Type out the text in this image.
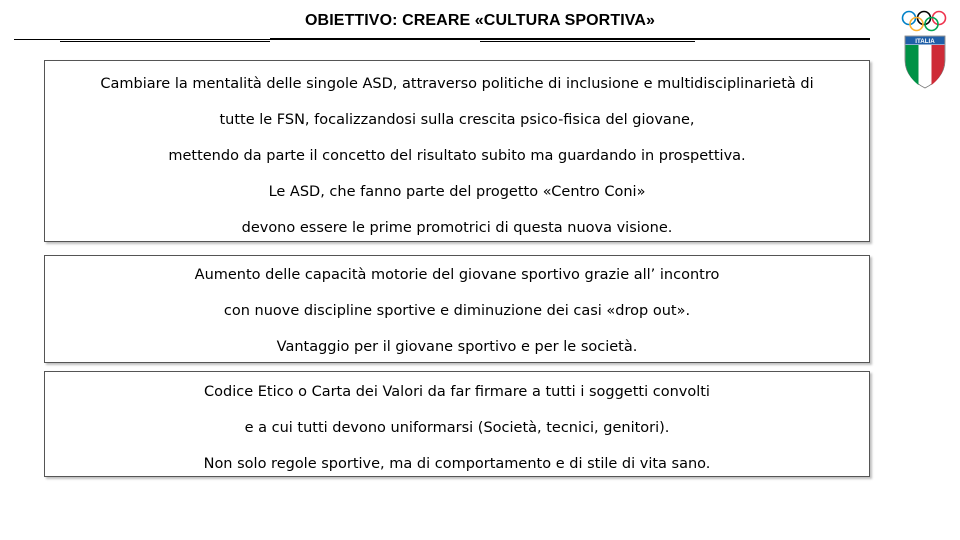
OBIETTIVO: CREARE «CULTURA SPORTIVA»

Cambiare la mentalità delle singole ASD, attraverso politiche di inclusione e multidisciplinarietà di

tutte le FSN, focalizzandosi sulla crescita psico-fisica del giovane,

mettendo da parte il concetto del risultato subito ma guardando in prospettiva.

Le ASD, che fanno parte del progetto «Centro Coni»

devono essere le prime promotrici di questa nuova visione.

Aumento delle capacità motorie del giovane sportivo grazie all’ incontro

con nuove discipline sportive e diminuzione dei casi «drop out».

Vantaggio per il giovane sportivo e per le società.

Codice Etico o Carta dei Valori da far firmare a tutti i soggetti convolti

e a cui tutti devono uniformarsi (Società, tecnici, genitori).

Non solo regole sportive, ma di comportamento e di stile di vita sano.

ITALIA
